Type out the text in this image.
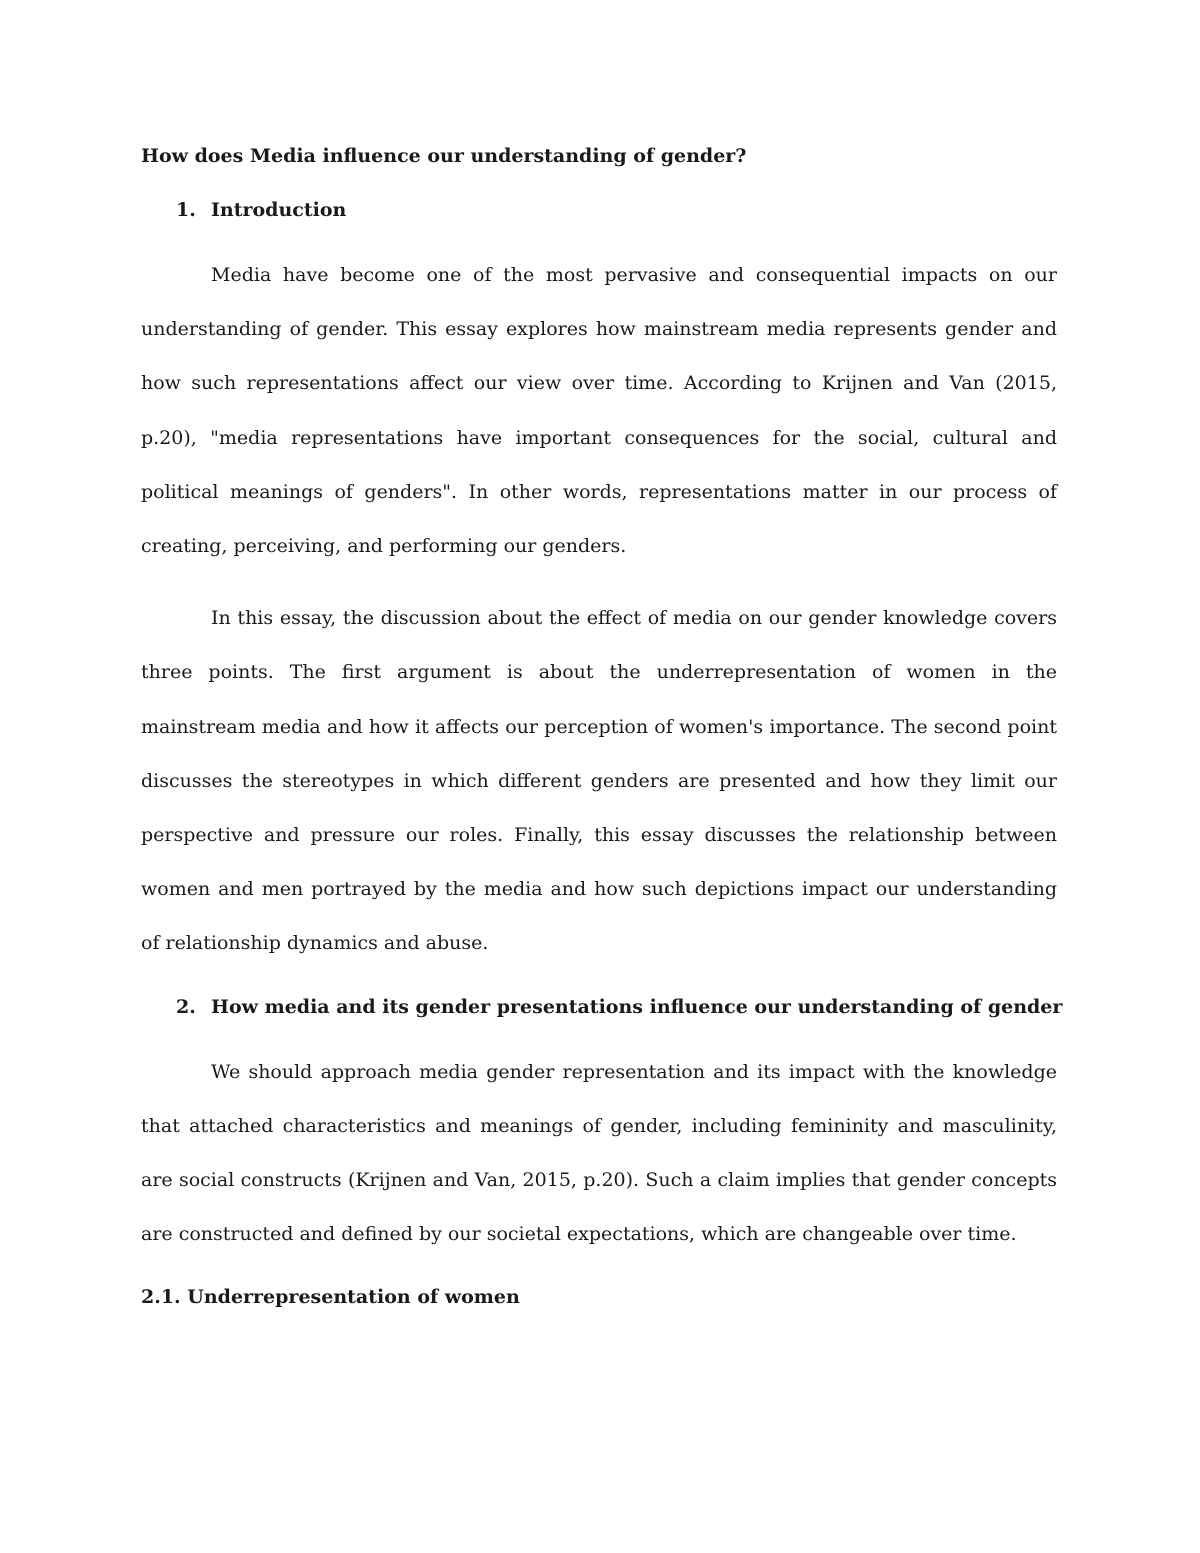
How does Media influence our understanding of gender?
1. Introduction

Media have become one of the most pervasive and consequential impacts on our understanding of gender. This essay explores how mainstream media represents gender and how such representations affect our view over time. According to Krijnen and Van (2015, p.20), "media representations have important consequences for the social, cultural and political meanings of genders". In other words, representations matter in our process of creating, perceiving, and performing our genders.

In this essay, the discussion about the effect of media on our gender knowledge covers three points. The first argument is about the underrepresentation of women in the mainstream media and how it affects our perception of women's importance. The second point discusses the stereotypes in which different genders are presented and how they limit our perspective and pressure our roles. Finally, this essay discusses the relationship between women and men portrayed by the media and how such depictions impact our understanding of relationship dynamics and abuse.

2. How media and its gender presentations influence our understanding of gender

We should approach media gender representation and its impact with the knowledge that attached characteristics and meanings of gender, including femininity and masculinity, are social constructs (Krijnen and Van, 2015, p.20). Such a claim implies that gender concepts are constructed and defined by our societal expectations, which are changeable over time.

2.1. Underrepresentation of women
